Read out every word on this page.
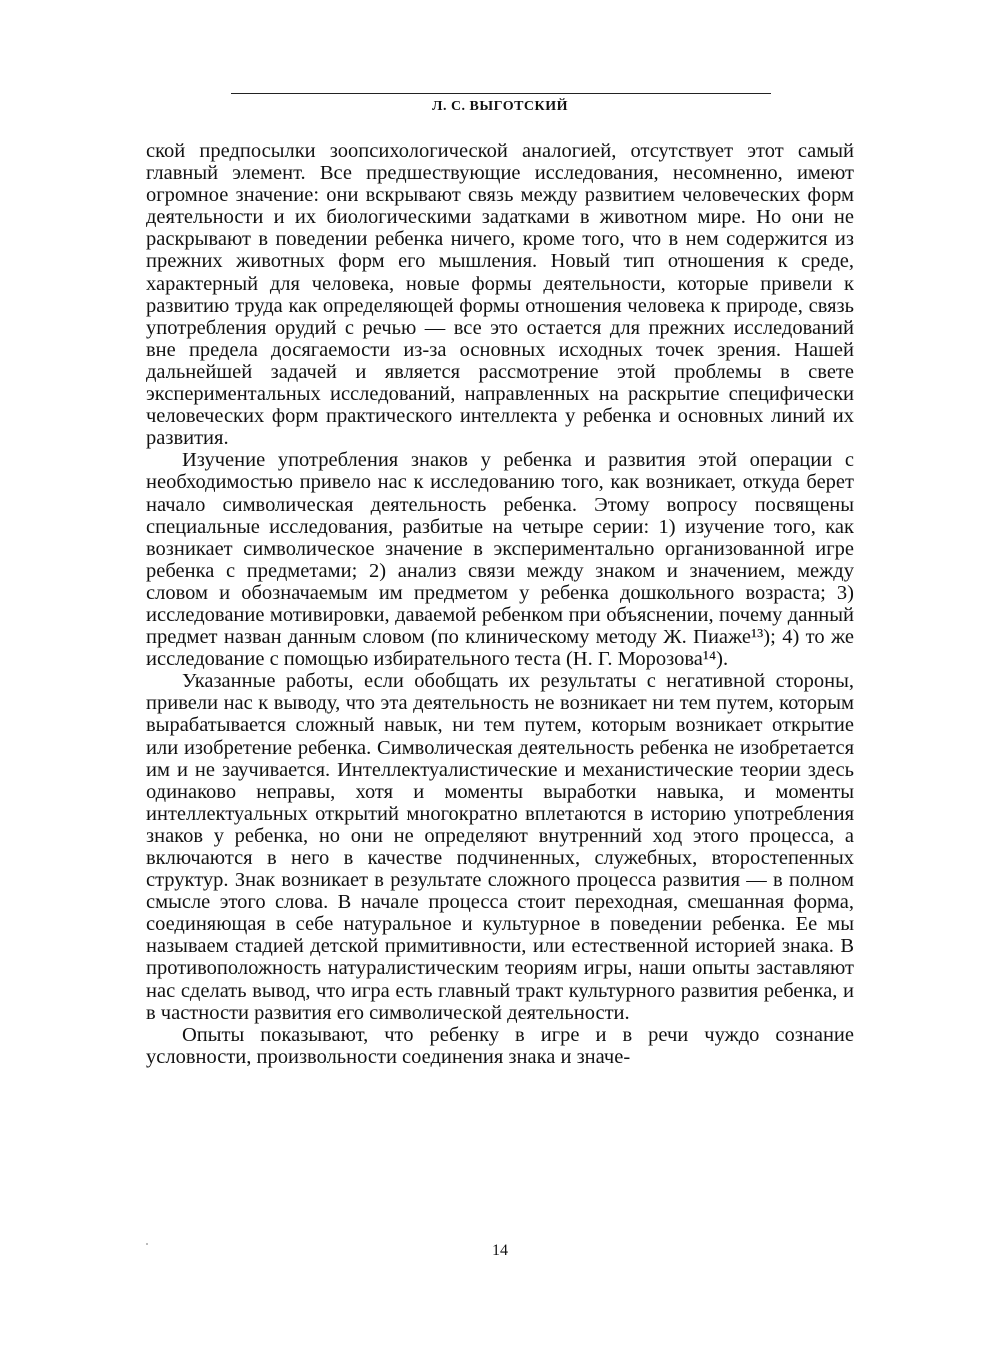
Л. С. ВЫГОТСКИЙ

ской предпосылки зоопсихологической аналогией, отсутствует этот самый главный элемент. Все предшествующие исследования, несомненно, имеют огромное значение: они вскрывают связь между развитием человеческих форм деятельности и их биологическими задатками в животном мире. Но они не раскрывают в поведении ребенка ничего, кроме того, что в нем содержится из прежних животных форм его мышления. Новый тип отношения к среде, характерный для человека, новые формы деятельности, которые привели к развитию труда как определяющей формы отношения человека к природе, связь употребления орудий с речью — все это остается для прежних исследований вне предела досягаемости из-за основных исходных точек зрения. Нашей дальнейшей задачей и является рассмотрение этой проблемы в свете экспериментальных исследований, направленных на раскрытие специфически человеческих форм практического интеллекта у ребенка и основных линий их развития.

Изучение употребления знаков у ребенка и развития этой операции с необходимостью привело нас к исследованию того, как возникает, откуда берет начало символическая деятельность ребенка. Этому вопросу посвящены специальные исследования, разбитые на четыре серии: 1) изучение того, как возникает символическое значение в экспериментально организованной игре ребенка с предметами; 2) анализ связи между знаком и значением, между словом и обозначаемым им предметом у ребенка дошкольного возраста; 3) исследование мотивировки, даваемой ребенком при объяснении, почему данный предмет назван данным словом (по клиническому методу Ж. Пиаже¹³); 4) то же исследование с помощью избирательного теста (Н. Г. Морозова¹⁴).

Указанные работы, если обобщать их результаты с негативной стороны, привели нас к выводу, что эта деятельность не возникает ни тем путем, которым вырабатывается сложный навык, ни тем путем, которым возникает открытие или изобретение ребенка. Символическая деятельность ребенка не изобретается им и не заучивается. Интеллектуалистические и механистические теории здесь одинаково неправы, хотя и моменты выработки навыка, и моменты интеллектуальных открытий многократно вплетаются в историю употребления знаков у ребенка, но они не определяют внутренний ход этого процесса, а включаются в него в качестве подчиненных, служебных, второстепенных структур. Знак возникает в результате сложного процесса развития — в полном смысле этого слова. В начале процесса стоит переходная, смешанная форма, соединяющая в себе натуральное и культурное в поведении ребенка. Ее мы называем стадией детской примитивности, или естественной историей знака. В противоположность натуралистическим теориям игры, наши опыты заставляют нас сделать вывод, что игра есть главный тракт культурного развития ребенка, и в частности развития его символической деятельности.

Опыты показывают, что ребенку в игре и в речи чуждо сознание условности, произвольности соединения знака и значе-

14
